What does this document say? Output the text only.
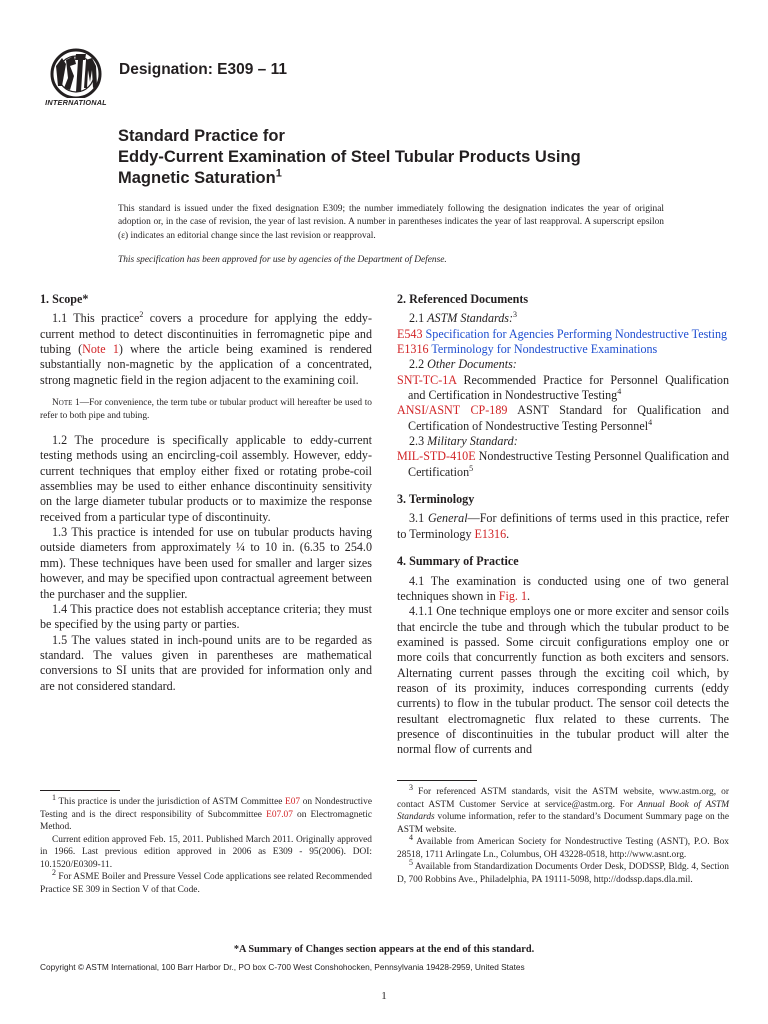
INTERNATIONAL
Designation: E309 – 11
Standard Practice for
Eddy-Current Examination of Steel Tubular Products Using
Magnetic Saturation$^1$
This standard is issued under the fixed designation E309; the number immediately following the designation indicates the year of original adoption or, in the case of revision, the year of last revision. A number in parentheses indicates the year of last reapproval. A superscript epsilon (ε) indicates an editorial change since the last revision or reapproval.
This specification has been approved for use by agencies of the Department of Defense.
1. Scope*

1.1 This practice$^2$ covers a procedure for applying the eddy-current method to detect discontinuities in ferromagnetic pipe and tubing (Note 1) where the article being examined is rendered substantially non-magnetic by the application of a concentrated, strong magnetic field in the region adjacent to the examining coil.

Note 1—For convenience, the term tube or tubular product will hereafter be used to refer to both pipe and tubing.

1.2 The procedure is specifically applicable to eddy-current testing methods using an encircling-coil assembly. However, eddy-current techniques that employ either fixed or rotating probe-coil assemblies may be used to either enhance discontinuity sensitivity on the large diameter tubular products or to maximize the response received from a particular type of discontinuity.

1.3 This practice is intended for use on tubular products having outside diameters from approximately ¼ to 10 in. (6.35 to 254.0 mm). These techniques have been used for smaller and larger sizes however, and may be specified upon contractual agreement between the purchaser and the supplier.

1.4 This practice does not establish acceptance criteria; they must be specified by the using party or parties.

1.5 The values stated in inch-pound units are to be regarded as standard. The values given in parentheses are mathematical conversions to SI units that are provided for information only and are not considered standard.

2. Referenced Documents

2.1 ASTM Standards:$^3$

E543 Specification for Agencies Performing Nondestructive Testing

E1316 Terminology for Nondestructive Examinations

2.2 Other Documents:

SNT-TC-1A Recommended Practice for Personnel Qualification and Certification in Nondestructive Testing$^4$

ANSI/ASNT CP-189 ASNT Standard for Qualification and Certification of Nondestructive Testing Personnel$^4$

2.3 Military Standard:

MIL-STD-410E Nondestructive Testing Personnel Qualification and Certification$^5$

3. Terminology

3.1 General—For definitions of terms used in this practice, refer to Terminology E1316.

4. Summary of Practice

4.1 The examination is conducted using one of two general techniques shown in Fig. 1.

4.1.1 One technique employs one or more exciter and sensor coils that encircle the tube and through which the tubular product to be examined is passed. Some circuit configurations employ one or more coils that concurrently function as both exciters and sensors. Alternating current passes through the exciting coil which, by reason of its proximity, induces corresponding currents (eddy currents) to flow in the tubular product. The sensor coil detects the resultant electromagnetic flux related to these currents. The presence of discontinuities in the tubular product will alter the normal flow of currents and

$^1$ This practice is under the jurisdiction of ASTM Committee E07 on Nondestructive Testing and is the direct responsibility of Subcommittee E07.07 on Electromagnetic Method.

Current edition approved Feb. 15, 2011. Published March 2011. Originally approved in 1966. Last previous edition approved in 2006 as E309 - 95(2006). DOI: 10.1520/E0309-11.

$^2$ For ASME Boiler and Pressure Vessel Code applications see related Recommended Practice SE 309 in Section V of that Code.

$^3$ For referenced ASTM standards, visit the ASTM website, www.astm.org, or contact ASTM Customer Service at service@astm.org. For Annual Book of ASTM Standards volume information, refer to the standard’s Document Summary page on the ASTM website.

$^4$ Available from American Society for Nondestructive Testing (ASNT), P.O. Box 28518, 1711 Arlingate Ln., Columbus, OH 43228-0518, http://www.asnt.org.

$^5$ Available from Standardization Documents Order Desk, DODSSP, Bldg. 4, Section D, 700 Robbins Ave., Philadelphia, PA 19111-5098, http://dodssp.daps.dla.mil.

*A Summary of Changes section appears at the end of this standard.
Copyright © ASTM International, 100 Barr Harbor Dr., PO box C-700 West Conshohocken, Pennsylvania 19428-2959, United States
1
